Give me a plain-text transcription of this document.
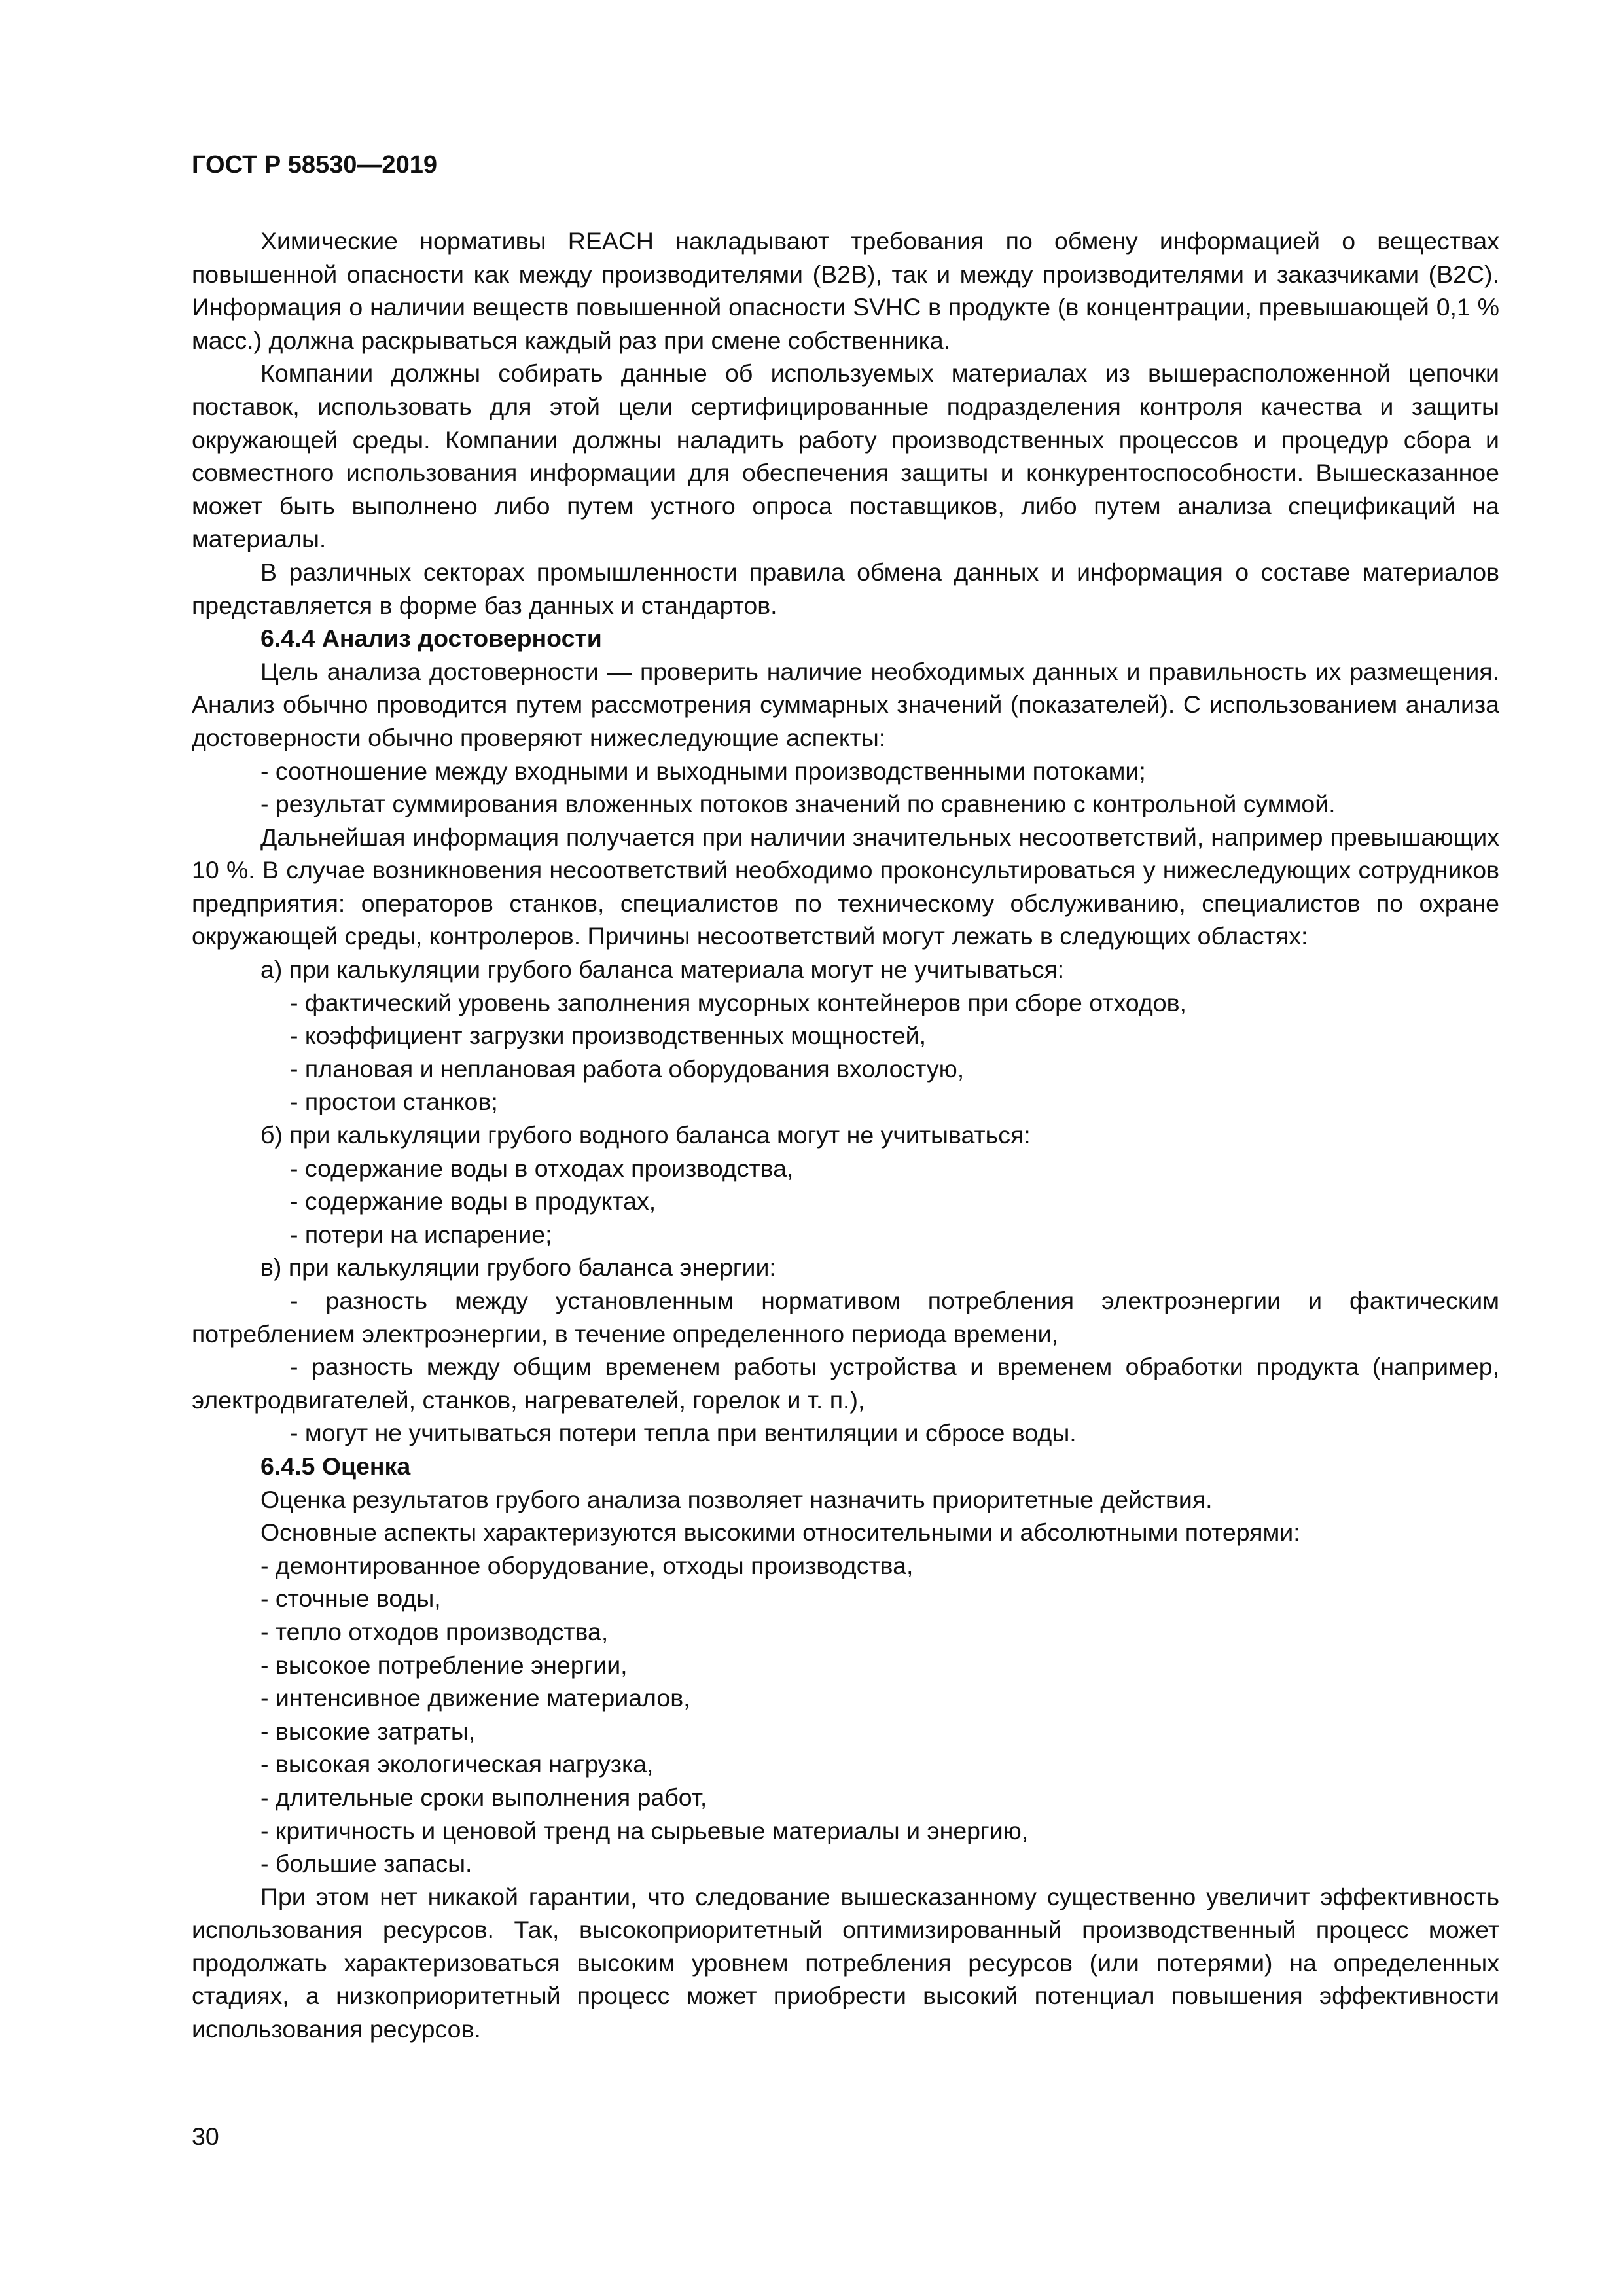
ГОСТ Р 58530—2019

Химические нормативы REACH накладывают требования по обмену информацией о веществах повышенной опасности как между производителями (В2В), так и между производителями и заказчиками (В2С). Информация о наличии веществ повышенной опасности SVHC в продукте (в концентрации, превышающей 0,1 % масс.) должна раскрываться каждый раз при смене собственника.

Компании должны собирать данные об используемых материалах из вышерасположенной цепочки поставок, использовать для этой цели сертифицированные подразделения контроля качества и защиты окружающей среды. Компании должны наладить работу производственных процессов и процедур сбора и совместного использования информации для обеспечения защиты и конкурентоспособности. Вышесказанное может быть выполнено либо путем устного опроса поставщиков, либо путем анализа спецификаций на материалы.

В различных секторах промышленности правила обмена данных и информация о составе материалов представляется в форме баз данных и стандартов.

6.4.4 Анализ достоверности

Цель анализа достоверности — проверить наличие необходимых данных и правильность их размещения. Анализ обычно проводится путем рассмотрения суммарных значений (показателей). С использованием анализа достоверности обычно проверяют нижеследующие аспекты:

- соотношение между входными и выходными производственными потоками;

- результат суммирования вложенных потоков значений по сравнению с контрольной суммой.

Дальнейшая информация получается при наличии значительных несоответствий, например превышающих 10 %. В случае возникновения несоответствий необходимо проконсультироваться у нижеследующих сотрудников предприятия: операторов станков, специалистов по техническому обслуживанию, специалистов по охране окружающей среды, контролеров. Причины несоответствий могут лежать в следующих областях:

а) при калькуляции грубого баланса материала могут не учитываться:

- фактический уровень заполнения мусорных контейнеров при сборе отходов,

- коэффициент загрузки производственных мощностей,

- плановая и неплановая работа оборудования вхолостую,

- простои станков;

б) при калькуляции грубого водного баланса могут не учитываться:

- содержание воды в отходах производства,

- содержание воды в продуктах,

- потери на испарение;

в) при калькуляции грубого баланса энергии:

- разность между установленным нормативом потребления электроэнергии и фактическим потреблением электроэнергии, в течение определенного периода времени,

- разность между общим временем работы устройства и временем обработки продукта (например, электродвигателей, станков, нагревателей, горелок и т. п.),

- могут не учитываться потери тепла при вентиляции и сбросе воды.

6.4.5 Оценка

Оценка результатов грубого анализа позволяет назначить приоритетные действия.

Основные аспекты характеризуются высокими относительными и абсолютными потерями:

- демонтированное оборудование, отходы производства,

- сточные воды,

- тепло отходов производства,

- высокое потребление энергии,

- интенсивное движение материалов,

- высокие затраты,

- высокая экологическая нагрузка,

- длительные сроки выполнения работ,

- критичность и ценовой тренд на сырьевые материалы и энергию,

- большие запасы.

При этом нет никакой гарантии, что следование вышесказанному существенно увеличит эффективность использования ресурсов. Так, высокоприоритетный оптимизированный производственный процесс может продолжать характеризоваться высоким уровнем потребления ресурсов (или потерями) на определенных стадиях, а низкоприоритетный процесс может приобрести высокий потенциал повышения эффективности использования ресурсов.

30
